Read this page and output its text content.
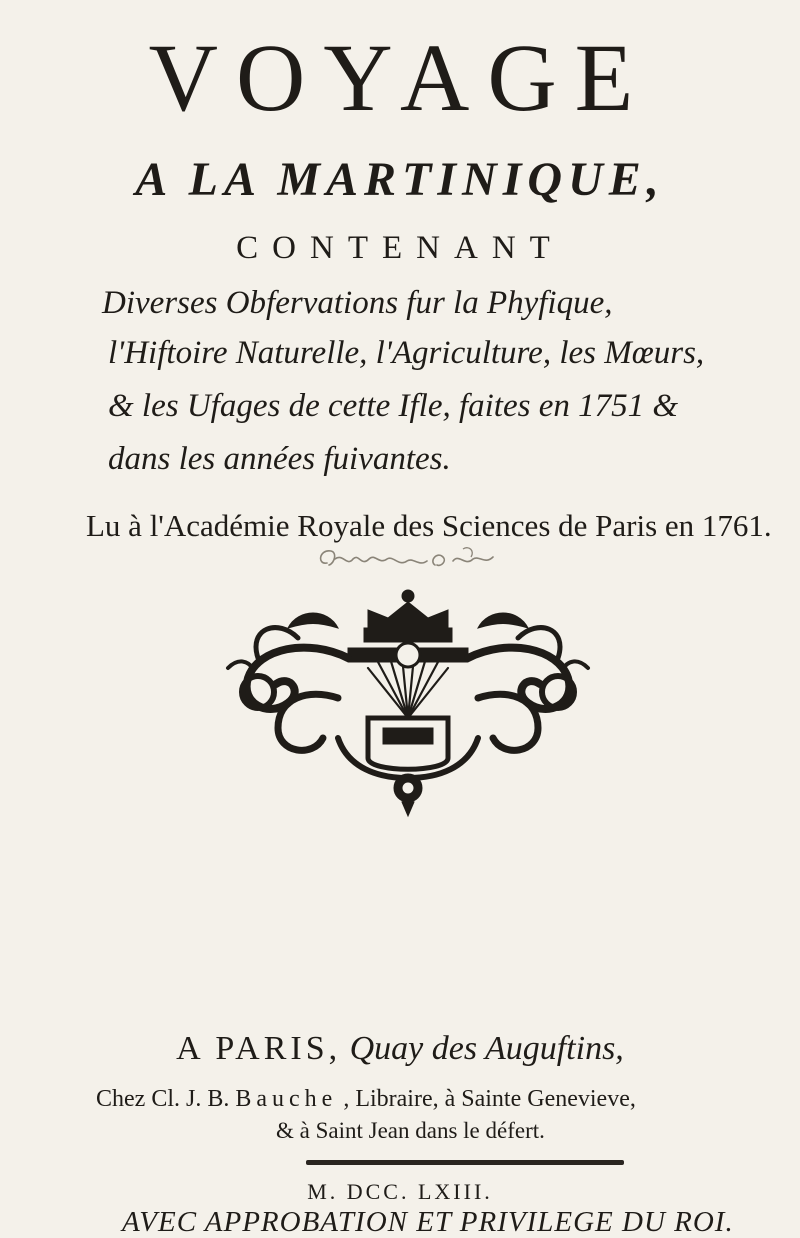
VOYAGE
A LA MARTINIQUE,
CONTENANT
Diverses Obfervations fur la Phyfique,
l'Hiftoire Naturelle, l'Agriculture, les Mœurs,
& les Ufages de cette Ifle, faites en 1751 &
dans les années fuivantes.
Lu à l'Académie Royale des Sciences de Paris en 1761.
A PARIS, Quay des Auguftins,
Chez Cl. J. B. Bauche , Libraire, à Sainte Genevieve,
& à Saint Jean dans le défert.
M. DCC. LXIII.
AVEC APPROBATION ET PRIVILEGE DU ROI.
